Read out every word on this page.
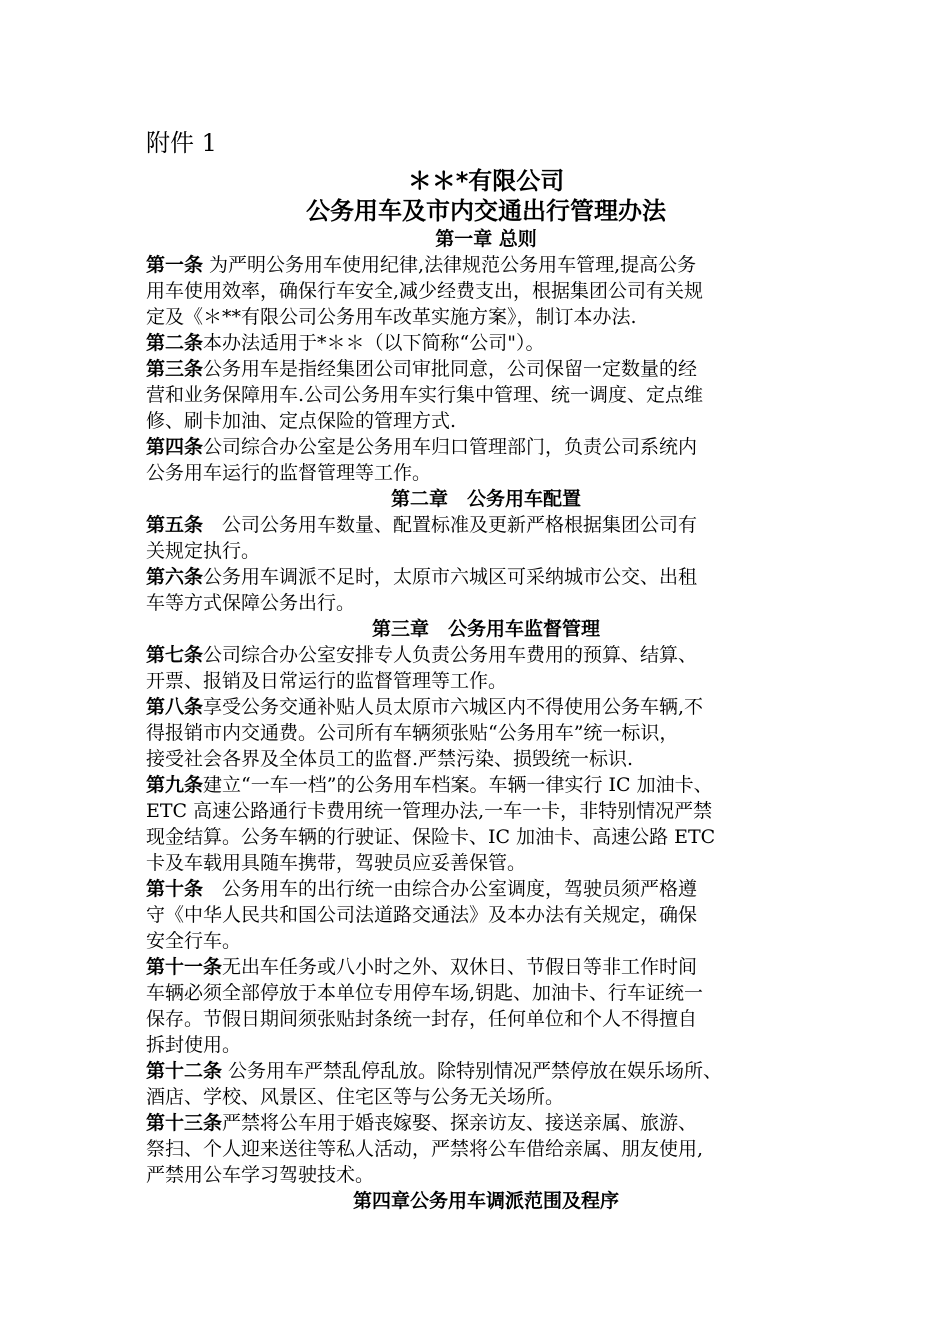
附件 1
＊＊*有限公司
公务用车及市内交通出行管理办法
第一章 总则
第一条 为严明公务用车使用纪律,法律规范公务用车管理,提高公务
用车使用效率，确保行车安全,减少经费支出，根据集团公司有关规
定及《＊**有限公司公务用车改革实施方案》，制订本办法.
第二条本办法适用于*＊＊（以下简称“公司"）。
第三条公务用车是指经集团公司审批同意，公司保留一定数量的经
营和业务保障用车.公司公务用车实行集中管理、统一调度、定点维
修、刷卡加油、定点保险的管理方式.
第四条公司综合办公室是公务用车归口管理部门，负责公司系统内
公务用车运行的监督管理等工作。
第二章　公务用车配置
第五条　公司公务用车数量、配置标准及更新严格根据集团公司有
关规定执行。
第六条公务用车调派不足时，太原市六城区可采纳城市公交、出租
车等方式保障公务出行。
第三章　公务用车监督管理
第七条公司综合办公室安排专人负责公务用车费用的预算、结算、
开票、报销及日常运行的监督管理等工作。
第八条享受公务交通补贴人员太原市六城区内不得使用公务车辆,不
得报销市内交通费。公司所有车辆须张贴“公务用车”统一标识，
接受社会各界及全体员工的监督.严禁污染、损毁统一标识.
第九条建立“一车一档”的公务用车档案。车辆一律实行 IC 加油卡、
ETC 高速公路通行卡费用统一管理办法,一车一卡，非特别情况严禁
现金结算。公务车辆的行驶证、保险卡、IC 加油卡、高速公路 ETC
卡及车载用具随车携带，驾驶员应妥善保管。
第十条　公务用车的出行统一由综合办公室调度，驾驶员须严格遵
守《中华人民共和国公司法道路交通法》及本办法有关规定，确保
安全行车。
第十一条无出车任务或八小时之外、双休日、节假日等非工作时间
车辆必须全部停放于本单位专用停车场,钥匙、加油卡、行车证统一
保存。节假日期间须张贴封条统一封存，任何单位和个人不得擅自
拆封使用。
第十二条 公务用车严禁乱停乱放。除特别情况严禁停放在娱乐场所、
酒店、学校、风景区、住宅区等与公务无关场所。
第十三条严禁将公车用于婚丧嫁娶、探亲访友、接送亲属、旅游、
祭扫、个人迎来送往等私人活动，严禁将公车借给亲属、朋友使用,
严禁用公车学习驾驶技术。
第四章公务用车调派范围及程序
